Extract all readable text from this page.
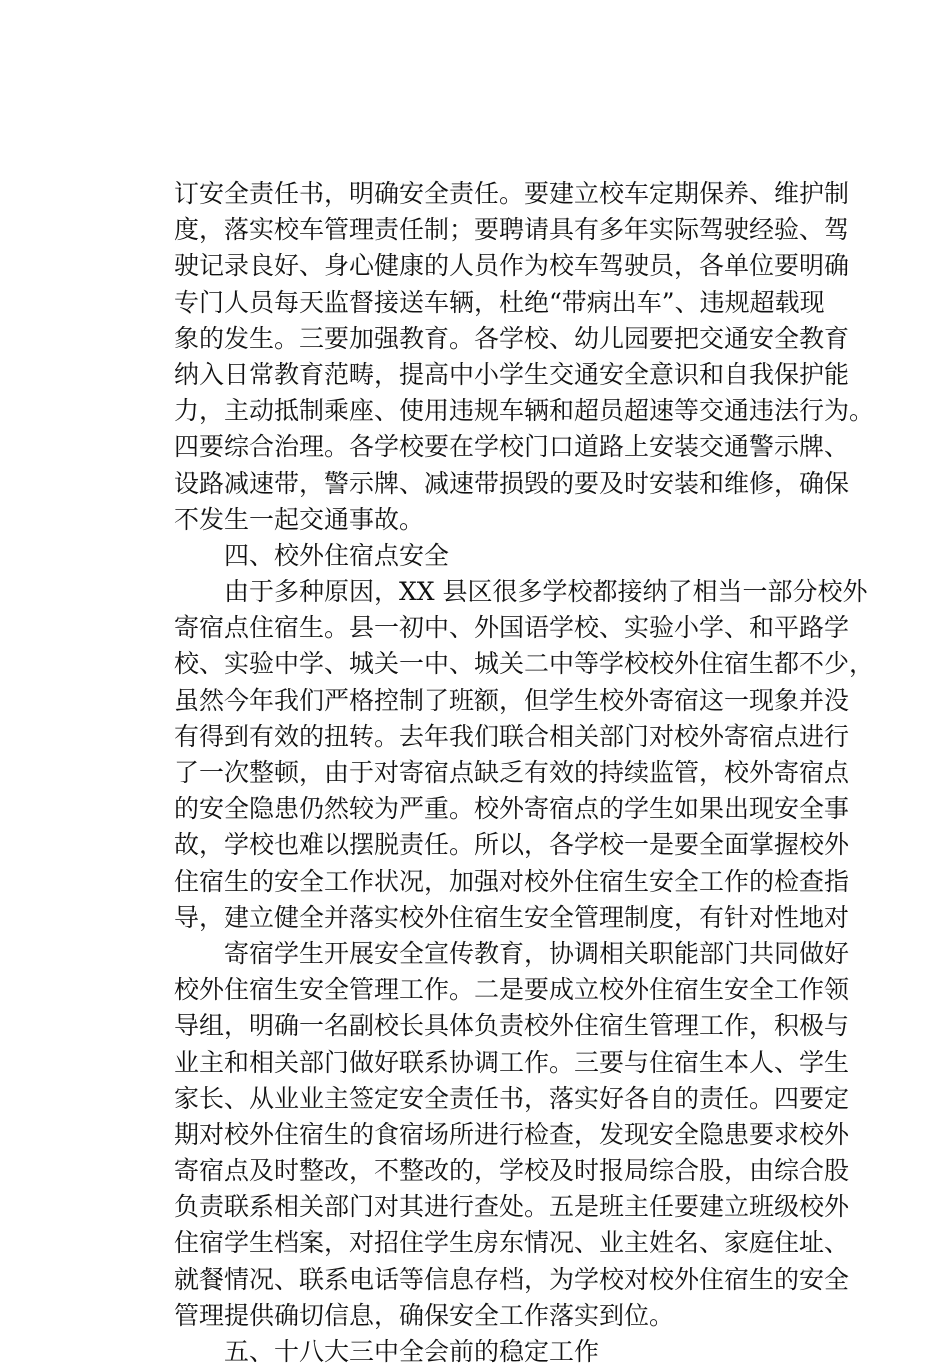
订安全责任书，明确安全责任。要建立校车定期保养、维护制
度，落实校车管理责任制；要聘请具有多年实际驾驶经验、驾
驶记录良好、身心健康的人员作为校车驾驶员，各单位要明确
专门人员每天监督接送车辆，杜绝“带病出车”、违规超载现
象的发生。三要加强教育。各学校、幼儿园要把交通安全教育
纳入日常教育范畴，提高中小学生交通安全意识和自我保护能
力，主动抵制乘座、使用违规车辆和超员超速等交通违法行为。
四要综合治理。各学校要在学校门口道路上安装交通警示牌、
设路减速带，警示牌、减速带损毁的要及时安装和维修，确保
不发生一起交通事故。
　　四、校外住宿点安全
　　由于多种原因，XX 县区很多学校都接纳了相当一部分校外
寄宿点住宿生。县一初中、外国语学校、实验小学、和平路学
校、实验中学、城关一中、城关二中等学校校外住宿生都不少，
虽然今年我们严格控制了班额，但学生校外寄宿这一现象并没
有得到有效的扭转。去年我们联合相关部门对校外寄宿点进行
了一次整顿，由于对寄宿点缺乏有效的持续监管，校外寄宿点
的安全隐患仍然较为严重。校外寄宿点的学生如果出现安全事
故，学校也难以摆脱责任。所以，各学校一是要全面掌握校外
住宿生的安全工作状况，加强对校外住宿生安全工作的检查指
导，建立健全并落实校外住宿生安全管理制度，有针对性地对
　　寄宿学生开展安全宣传教育，协调相关职能部门共同做好
校外住宿生安全管理工作。二是要成立校外住宿生安全工作领
导组，明确一名副校长具体负责校外住宿生管理工作，积极与
业主和相关部门做好联系协调工作。三要与住宿生本人、学生
家长、从业业主签定安全责任书，落实好各自的责任。四要定
期对校外住宿生的食宿场所进行检查，发现安全隐患要求校外
寄宿点及时整改，不整改的，学校及时报局综合股，由综合股
负责联系相关部门对其进行查处。五是班主任要建立班级校外
住宿学生档案，对招住学生房东情况、业主姓名、家庭住址、
就餐情况、联系电话等信息存档，为学校对校外住宿生的安全
管理提供确切信息，确保安全工作落实到位。
　　五、十八大三中全会前的稳定工作
